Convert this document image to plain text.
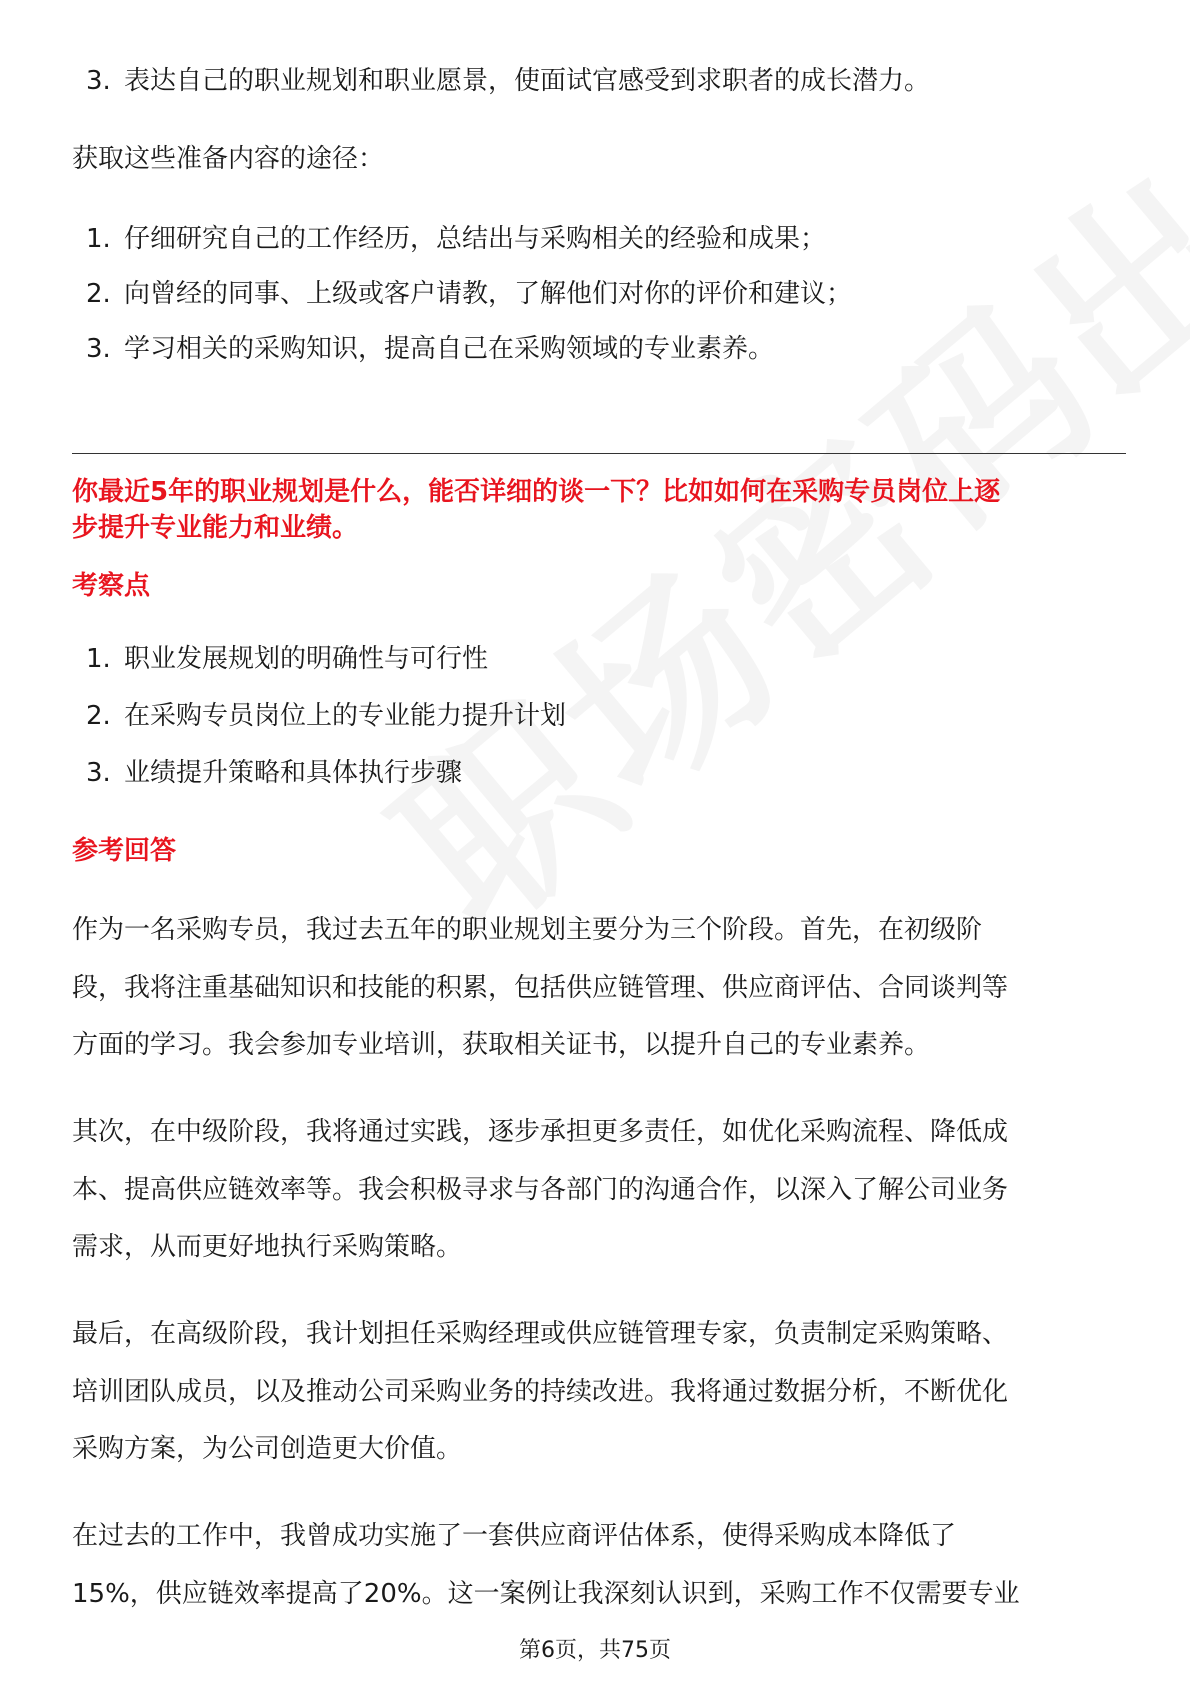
3. 表达自己的职业规划和职业愿景，使面试官感受到求职者的成长潜力。
获取这些准备内容的途径：
1. 仔细研究自己的工作经历，总结出与采购相关的经验和成果；
2. 向曾经的同事、上级或客户请教，了解他们对你的评价和建议；
3. 学习相关的采购知识，提高自己在采购领域的专业素养。
你最近5年的职业规划是什么，能否详细的谈一下？比如如何在采购专员岗位上逐
步提升专业能力和业绩。
考察点
1. 职业发展规划的明确性与可行性
2. 在采购专员岗位上的专业能力提升计划
3. 业绩提升策略和具体执行步骤
参考回答
作为一名采购专员，我过去五年的职业规划主要分为三个阶段。首先，在初级阶
段，我将注重基础知识和技能的积累，包括供应链管理、供应商评估、合同谈判等
方面的学习。我会参加专业培训，获取相关证书，以提升自己的专业素养。
其次，在中级阶段，我将通过实践，逐步承担更多责任，如优化采购流程、降低成
本、提高供应链效率等。我会积极寻求与各部门的沟通合作，以深入了解公司业务
需求，从而更好地执行采购策略。
最后，在高级阶段，我计划担任采购经理或供应链管理专家，负责制定采购策略、
培训团队成员，以及推动公司采购业务的持续改进。我将通过数据分析，不断优化
采购方案，为公司创造更大价值。
在过去的工作中，我曾成功实施了一套供应商评估体系，使得采购成本降低了
15%，供应链效率提高了20%。这一案例让我深刻认识到，采购工作不仅需要专业
第6页，共75页
